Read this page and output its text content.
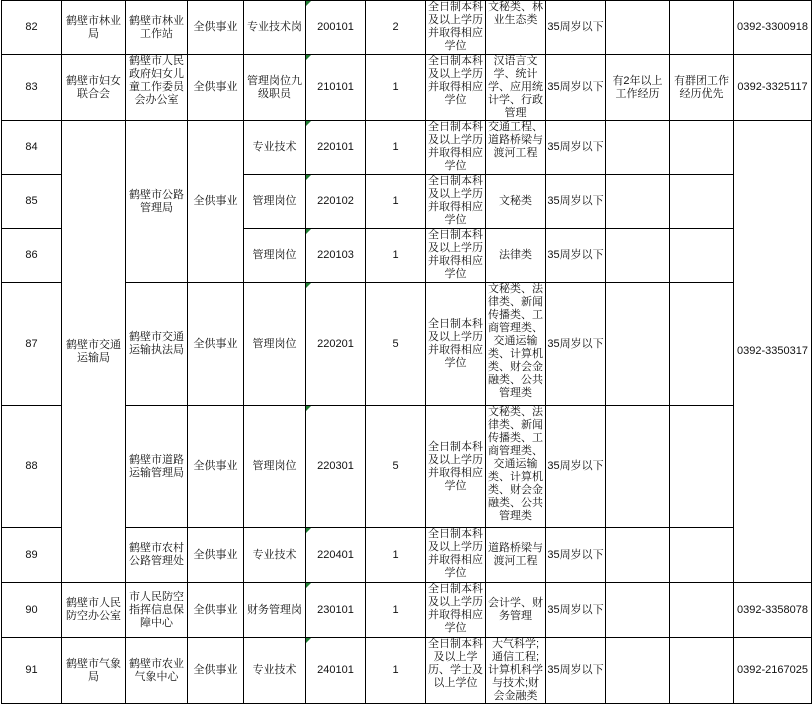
82	鹤壁市林业局	鹤壁市林业工作站	全供事业	专业技术岗	200101	2	全日制本科及以上学历并取得相应学位	文秘类、林业生态类	35周岁以下			0392-3300918
83	鹤壁市妇女联合会	鹤壁市人民政府妇女儿童工作委员会办公室	全供事业	管理岗位九级职员	210101	1	全日制本科及以上学历并取得相应学位	汉语言文学、统计学、应用统计学、行政管理	35周岁以下	有2年以上工作经历	有群团工作经历优先	0392-3325117
84	鹤壁市交通运输局	鹤壁市公路管理局	全供事业	专业技术	220101	1	全日制本科及以上学历并取得相应学位	交通工程、道路桥梁与渡河工程	35周岁以下			0392-3350317
85				管理岗位	220102	1	全日制本科及以上学历并取得相应学位	文秘类	35周岁以下			
86				管理岗位	220103	1	全日制本科及以上学历并取得相应学位	法律类	35周岁以下			
87		鹤壁市交通运输执法局	全供事业	管理岗位	220201	5	全日制本科及以上学历并取得相应学位	文秘类、法律类、新闻传播类、工商管理类、交通运输类、计算机类、财会金融类、公共管理类	35周岁以下			
88		鹤壁市道路运输管理局	全供事业	管理岗位	220301	5	全日制本科及以上学历并取得相应学位	文秘类、法律类、新闻传播类、工商管理类、交通运输类、计算机类、财会金融类、公共管理类	35周岁以下			
89		鹤壁市农村公路管理处	全供事业	专业技术	220401	1	全日制本科及以上学历并取得相应学位	道路桥梁与渡河工程	35周岁以下			
90	鹤壁市人民防空办公室	市人民防空指挥信息保障中心	全供事业	财务管理岗	230101	1	全日制本科及以上学历并取得相应学位	会计学、财务管理	35周岁以下			0392-3358078
91	鹤壁市气象局	鹤壁市农业气象中心	全供事业	专业技术	240101	1	全日制本科及以上学历、学士及以上学位	大气科学;通信工程;计算机科学与技术;财会金融类	35周岁以下			0392-2167025
